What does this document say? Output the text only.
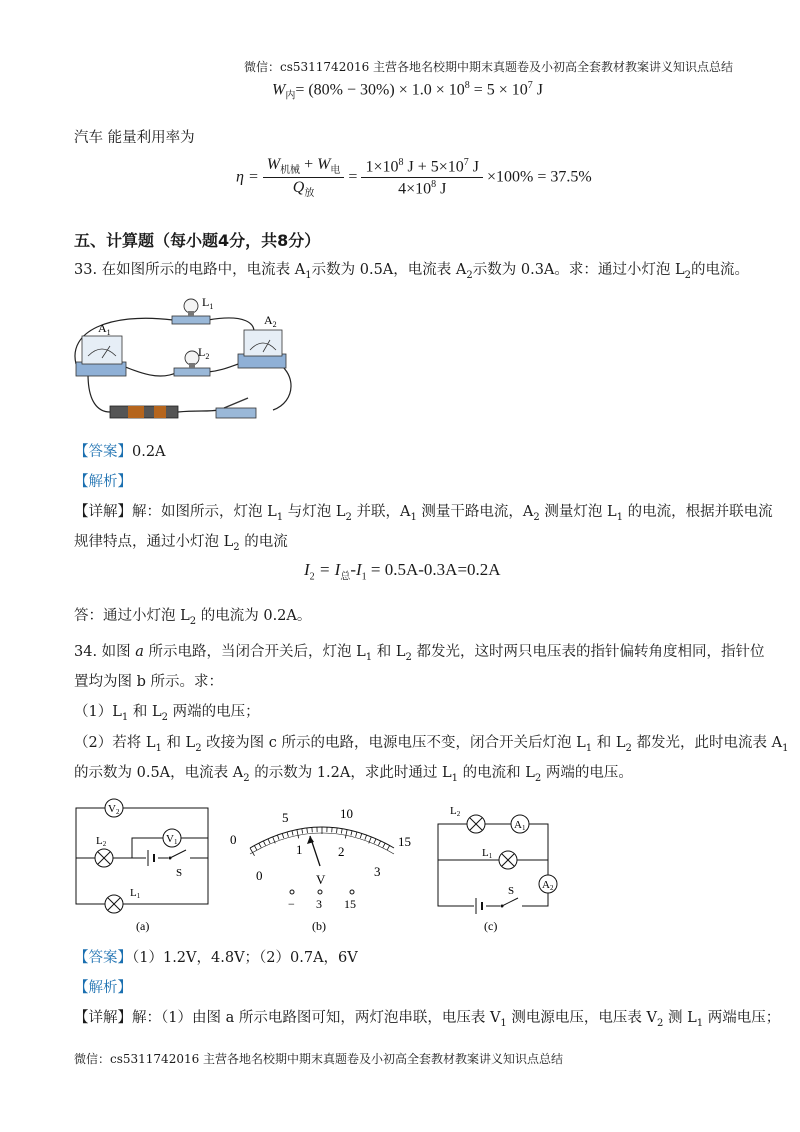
微信：cs5311742016 主营各地名校期中期末真题卷及小初高全套教材教案讲义知识点总结
$W_内= (80\% - 30\%) \times 1.0 \times 10^8 = 5 \times 10^7$ J
汽车 能量利用率为
$\eta = \frac{W_{机械} + W_电}{Q_放} = \frac{1\times 10^8 J + 5\times 10^7 J}{4\times 10^8 J} \times 100\% = 37.5\%$
五、计算题（每小题4分，共8分）
33. 在如图所示的电路中，电流表 $A_1$示数为 0.5A，电流表 $A_2$示数为 0.3A。求：通过小灯泡 $L_2$的电流。
$L_1$
$L_2$
$A_1$
$A_2$
【答案】0.2A
【解析】
【详解】解：如图所示，灯泡 $L_1$ 与灯泡 $L_2$ 并联，$A_1$ 测量干路电流，$A_2$ 测量灯泡 $L_1$ 的电流，根据并联电流
规律特点，通过小灯泡 $L_2$ 的电流
$I_2 = I_总-I_1 = 0.5A-0.3A=0.2A$
答：通过小灯泡 $L_2$ 的电流为 0.2A。
34. 如图 a 所示电路，当闭合开关后，灯泡 $L_1$ 和 $L_2$ 都发光，这时两只电压表的指针偏转角度相同，指针位
置均为图 b 所示。求：
$(1)L_1$ 和 $L_2$ 两端的电压；
（2）若将 $L_1$ 和 $L_2$ 改接为图 c 所示的电路，电源电压不变，闭合开关后灯泡 $L_1$ 和 $L_2$ 都发光，此时电流表 $A_1$
的示数为 0.5A，电流表 $A_2$ 的示数为 1.2A，求此时通过 $L_1$ 的电流和 $L_2$ 两端的电压。
V2
V1
L2
S
L1
(a)
0
5	10
15
0
1	2
3
V
− 3 15
(b)
L2
A1
L1
A2
S
(c)
【答案】（1）1.2V，4.8V；（2）0.7A，6V
【解析】
【详解】解：（1）由图 a 所示电路图可知，两灯泡串联，电压表 $V_1$ 测电源电压，电压表 $V_2$ 测 $L_1$ 两端电压；
微信：cs5311742016 主营各地名校期中期末真题卷及小初高全套教材教案讲义知识点总结
